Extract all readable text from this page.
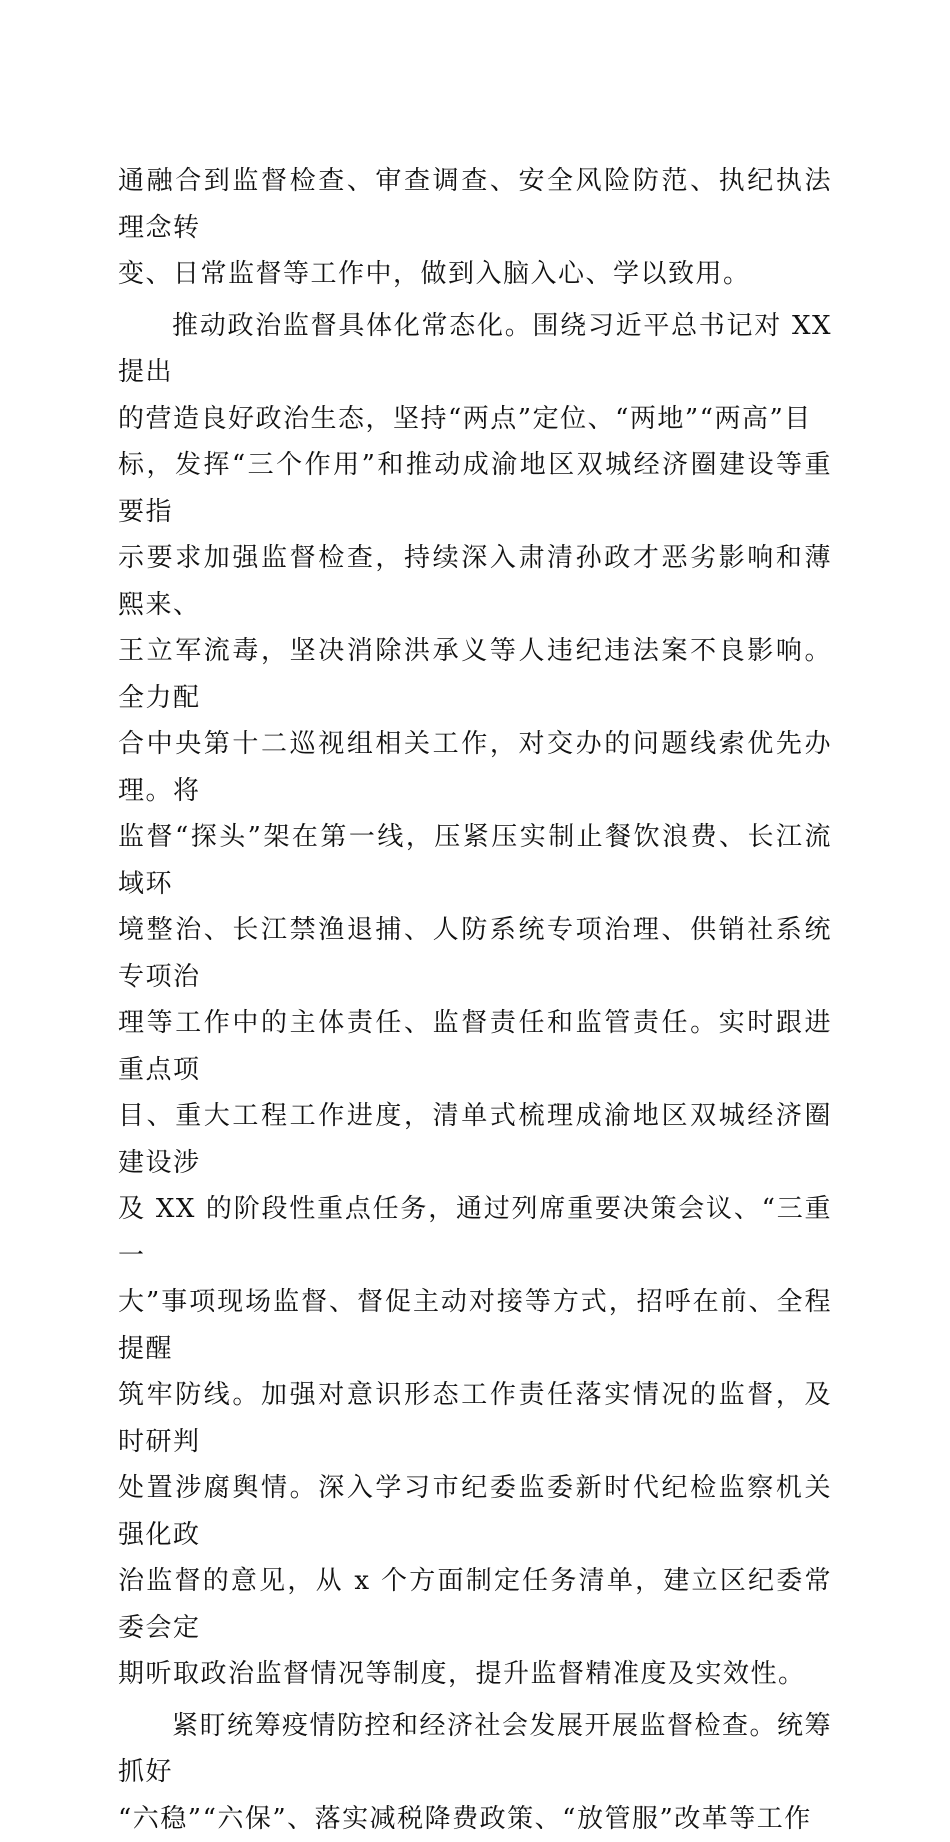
通融合到监督检查、审查调查、安全风险防范、执纪执法理念转
变、日常监督等工作中，做到入脑入心、学以致用。
推动政治监督具体化常态化。围绕习近平总书记对 XX 提出
的营造良好政治生态，坚持“两点”定位、“两地”“两高”目
标，发挥“三个作用”和推动成渝地区双城经济圈建设等重要指
示要求加强监督检查，持续深入肃清孙政才恶劣影响和薄熙来、
王立军流毒，坚决消除洪承义等人违纪违法案不良影响。全力配
合中央第十二巡视组相关工作，对交办的问题线索优先办理。将
监督“探头”架在第一线，压紧压实制止餐饮浪费、长江流域环
境整治、长江禁渔退捕、人防系统专项治理、供销社系统专项治
理等工作中的主体责任、监督责任和监管责任。实时跟进重点项
目、重大工程工作进度，清单式梳理成渝地区双城经济圈建设涉
及 XX 的阶段性重点任务，通过列席重要决策会议、“三重一
大”事项现场监督、督促主动对接等方式，招呼在前、全程提醒
筑牢防线。加强对意识形态工作责任落实情况的监督，及时研判
处置涉腐舆情。深入学习市纪委监委新时代纪检监察机关强化政
治监督的意见，从 x 个方面制定任务清单，建立区纪委常委会定
期听取政治监督情况等制度，提升监督精准度及实效性。
紧盯统筹疫情防控和经济社会发展开展监督检查。统筹抓好
“六稳”“六保”、落实减税降费政策、“放管服”改革等工作
